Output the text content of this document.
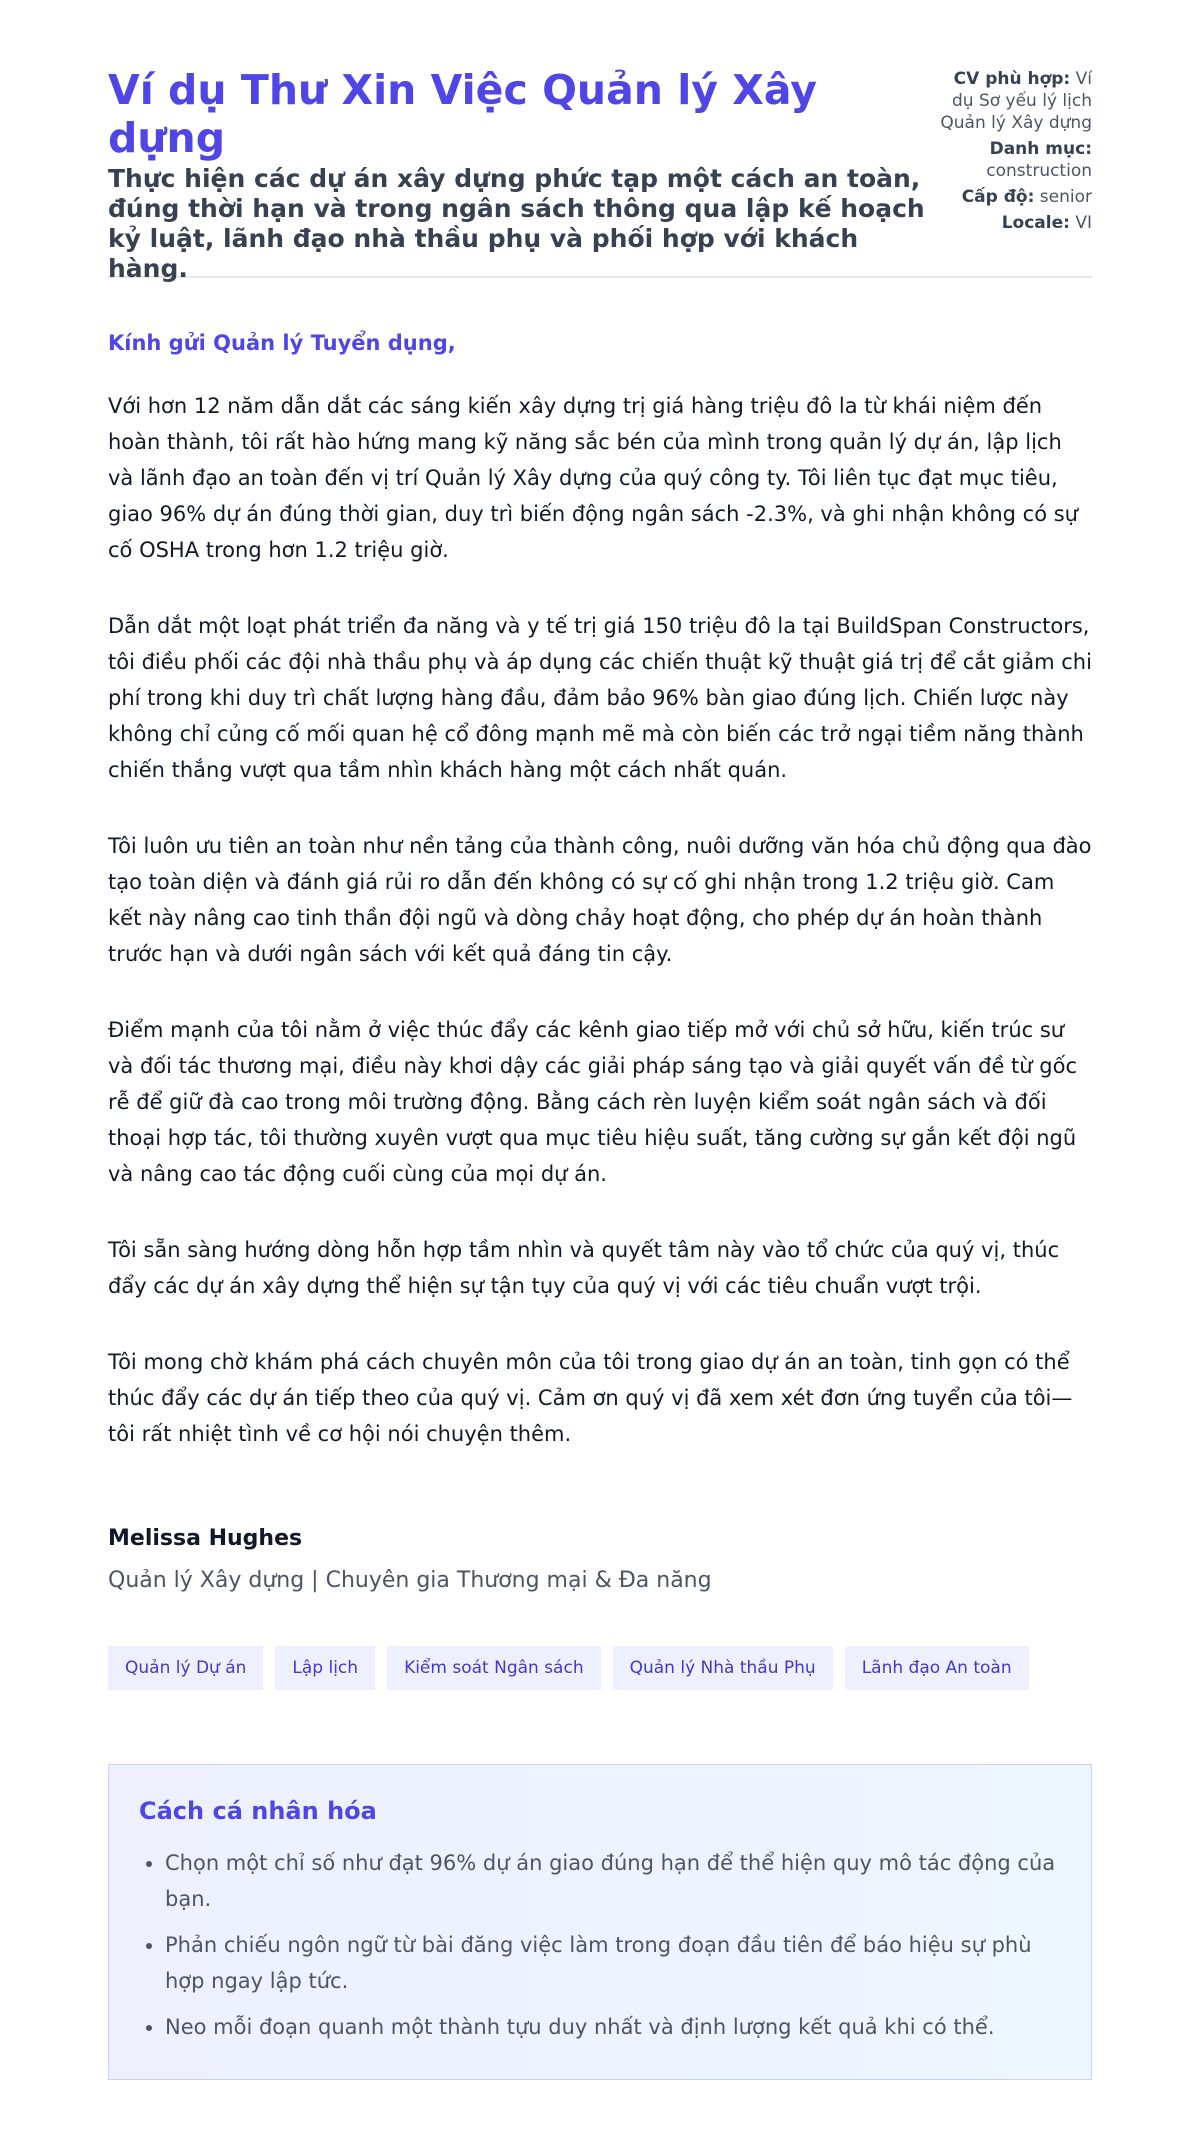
Ví dụ Thư Xin Việc Quản lý Xây dựng
Thực hiện các dự án xây dựng phức tạp một cách an toàn, đúng thời hạn và trong ngân sách thông qua lập kế hoạch kỷ luật, lãnh đạo nhà thầu phụ và phối hợp với khách hàng.
CV phù hợp: Ví dụ Sơ yếu lý lịch Quản lý Xây dựng
Danh mục: construction
Cấp độ: senior
Locale: VI

Kính gửi Quản lý Tuyển dụng,

Với hơn 12 năm dẫn dắt các sáng kiến xây dựng trị giá hàng triệu đô la từ khái niệm đến hoàn thành, tôi rất hào hứng mang kỹ năng sắc bén của mình trong quản lý dự án, lập lịch và lãnh đạo an toàn đến vị trí Quản lý Xây dựng của quý công ty. Tôi liên tục đạt mục tiêu, giao 96% dự án đúng thời gian, duy trì biến động ngân sách -2.3%, và ghi nhận không có sự cố OSHA trong hơn 1.2 triệu giờ.

Dẫn dắt một loạt phát triển đa năng và y tế trị giá 150 triệu đô la tại BuildSpan Constructors, tôi điều phối các đội nhà thầu phụ và áp dụng các chiến thuật kỹ thuật giá trị để cắt giảm chi phí trong khi duy trì chất lượng hàng đầu, đảm bảo 96% bàn giao đúng lịch. Chiến lược này không chỉ củng cố mối quan hệ cổ đông mạnh mẽ mà còn biến các trở ngại tiềm năng thành chiến thắng vượt qua tầm nhìn khách hàng một cách nhất quán.

Tôi luôn ưu tiên an toàn như nền tảng của thành công, nuôi dưỡng văn hóa chủ động qua đào tạo toàn diện và đánh giá rủi ro dẫn đến không có sự cố ghi nhận trong 1.2 triệu giờ. Cam kết này nâng cao tinh thần đội ngũ và dòng chảy hoạt động, cho phép dự án hoàn thành trước hạn và dưới ngân sách với kết quả đáng tin cậy.

Điểm mạnh của tôi nằm ở việc thúc đẩy các kênh giao tiếp mở với chủ sở hữu, kiến trúc sư và đối tác thương mại, điều này khơi dậy các giải pháp sáng tạo và giải quyết vấn đề từ gốc rễ để giữ đà cao trong môi trường động. Bằng cách rèn luyện kiểm soát ngân sách và đối thoại hợp tác, tôi thường xuyên vượt qua mục tiêu hiệu suất, tăng cường sự gắn kết đội ngũ và nâng cao tác động cuối cùng của mọi dự án.

Tôi sẵn sàng hướng dòng hỗn hợp tầm nhìn và quyết tâm này vào tổ chức của quý vị, thúc đẩy các dự án xây dựng thể hiện sự tận tụy của quý vị với các tiêu chuẩn vượt trội.

Tôi mong chờ khám phá cách chuyên môn của tôi trong giao dự án an toàn, tinh gọn có thể thúc đẩy các dự án tiếp theo của quý vị. Cảm ơn quý vị đã xem xét đơn ứng tuyển của tôi—tôi rất nhiệt tình về cơ hội nói chuyện thêm.

Melissa Hughes
Quản lý Xây dựng | Chuyên gia Thương mại & Đa năng
Quản lý Dự án	Lập lịch	Kiểm soát Ngân sách	Quản lý Nhà thầu Phụ	Lãnh đạo An toàn
Cách cá nhân hóa
• Chọn một chỉ số như đạt 96% dự án giao đúng hạn để thể hiện quy mô tác động của bạn.
• Phản chiếu ngôn ngữ từ bài đăng việc làm trong đoạn đầu tiên để báo hiệu sự phù hợp ngay lập tức.
• Neo mỗi đoạn quanh một thành tựu duy nhất và định lượng kết quả khi có thể.
